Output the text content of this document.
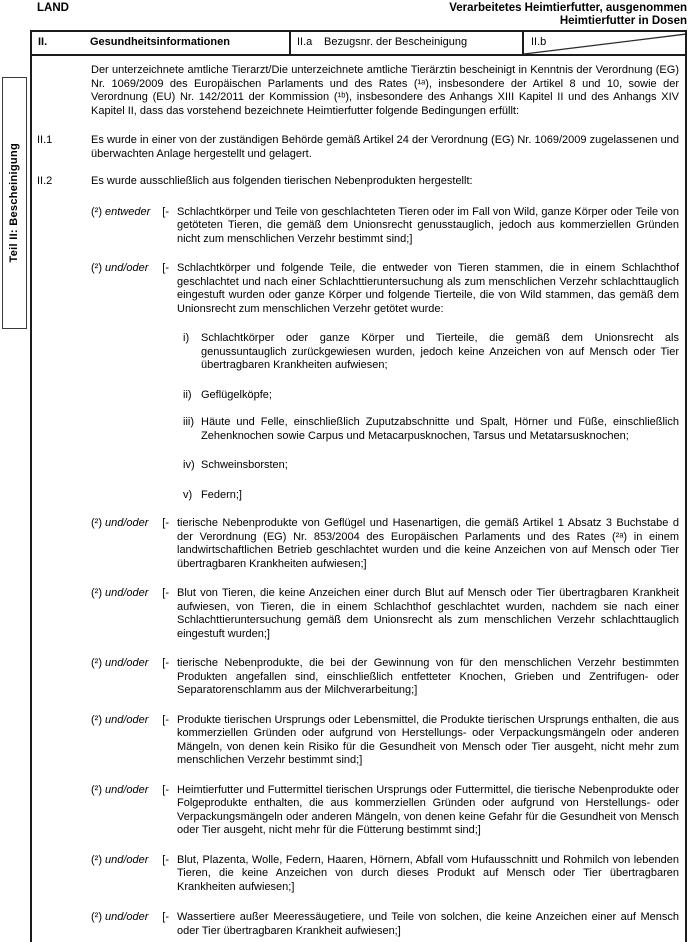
LAND	Verarbeitetes Heimtierfutter, ausgenommen
Heimtierfutter in Dosen
Teil II: Bescheinigung
II.	Gesundheitsinformationen	II.a	Bezugsnr. der Bescheinigung	II.b

Der unterzeichnete amtliche Tierarzt/Die unterzeichnete amtliche Tierärztin bescheinigt in Kenntnis der Verordnung (EG) Nr. 1069/2009 des Europäischen Parlaments und des Rates (¹ᵃ), insbesondere der Artikel 8 und 10, sowie der Verordnung (EU) Nr. 142/2011 der Kommission (¹ᵇ), insbesondere des Anhangs XIII Kapitel II und des Anhangs XIV Kapitel II, dass das vorstehend bezeichnete Heimtierfutter folgende Bedingungen erfüllt:

II.1	Es wurde in einer von der zuständigen Behörde gemäß Artikel 24 der Verordnung (EG) Nr. 1069/2009 zugelassenen und überwachten Anlage hergestellt und gelagert.
II.2	Es wurde ausschließlich aus folgenden tierischen Nebenprodukten hergestellt:
(²) entweder [- Schlachtkörper und Teile von geschlachteten Tieren oder im Fall von Wild, ganze Körper oder Teile von getöteten Tieren, die gemäß dem Unionsrecht genusstauglich, jedoch aus kommerziellen Gründen nicht zum menschlichen Verzehr bestimmt sind;]
(²) und/oder [- Schlachtkörper und folgende Teile, die entweder von Tieren stammen, die in einem Schlachthof geschlachtet und nach einer Schlachttieruntersuchung als zum menschlichen Verzehr schlachttauglich eingestuft wurden oder ganze Körper und folgende Tierteile, die von Wild stammen, das gemäß dem Unionsrecht zum menschlichen Verzehr getötet wurde:
i)	Schlachtkörper oder ganze Körper und Tierteile, die gemäß dem Unionsrecht als genussuntauglich zurückgewiesen wurden, jedoch keine Anzeichen von auf Mensch oder Tier übertragbaren Krankheiten aufwiesen;
ii) Geflügelköpfe;
iii) Häute und Felle, einschließlich Zuputzabschnitte und Spalt, Hörner und Füße, einschließlich Zehenknochen sowie Carpus und Metacarpusknochen, Tarsus und Metatarsusknochen;
iv) Schweinsborsten;
v) Federn;]
(²) und/oder [- tierische Nebenprodukte von Geflügel und Hasenartigen, die gemäß Artikel 1 Absatz 3 Buchstabe d der Verordnung (EG) Nr. 853/2004 des Europäischen Parlaments und des Rates (²ᵃ) in einem landwirtschaftlichen Betrieb geschlachtet wurden und die keine Anzeichen von auf Mensch oder Tier übertragbaren Krankheiten aufwiesen;]
(²) und/oder [- Blut von Tieren, die keine Anzeichen einer durch Blut auf Mensch oder Tier übertragbaren Krankheit aufwiesen, von Tieren, die in einem Schlachthof geschlachtet wurden, nachdem sie nach einer Schlachttieruntersuchung gemäß dem Unionsrecht als zum menschlichen Verzehr schlachttauglich eingestuft wurden;]
(²) und/oder [- tierische Nebenprodukte, die bei der Gewinnung von für den menschlichen Verzehr bestimmten Produkten angefallen sind, einschließlich entfetteter Knochen, Grieben und Zentrifugen- oder Separatorenschlamm aus der Milchverarbeitung;]
(²) und/oder [- Produkte tierischen Ursprungs oder Lebensmittel, die Produkte tierischen Ursprungs enthalten, die aus kommerziellen Gründen oder aufgrund von Herstellungs- oder Verpackungsmängeln oder anderen Mängeln, von denen kein Risiko für die Gesundheit von Mensch oder Tier ausgeht, nicht mehr zum menschlichen Verzehr bestimmt sind;]
(²) und/oder [- Heimtierfutter und Futtermittel tierischen Ursprungs oder Futtermittel, die tierische Nebenprodukte oder Folgeprodukte enthalten, die aus kommerziellen Gründen oder aufgrund von Herstellungs- oder Verpackungsmängeln oder anderen Mängeln, von denen keine Gefahr für die Gesundheit von Mensch oder Tier ausgeht, nicht mehr für die Fütterung bestimmt sind;]
(²) und/oder [- Blut, Plazenta, Wolle, Federn, Haaren, Hörnern, Abfall vom Hufausschnitt und Rohmilch von lebenden Tieren, die keine Anzeichen von durch dieses Produkt auf Mensch oder Tier übertragbaren Krankheiten aufwiesen;]
(²) und/oder [- Wassertiere außer Meeressäugetiere, und Teile von solchen, die keine Anzeichen einer auf Mensch oder Tier übertragbaren Krankheit aufwiesen;]
